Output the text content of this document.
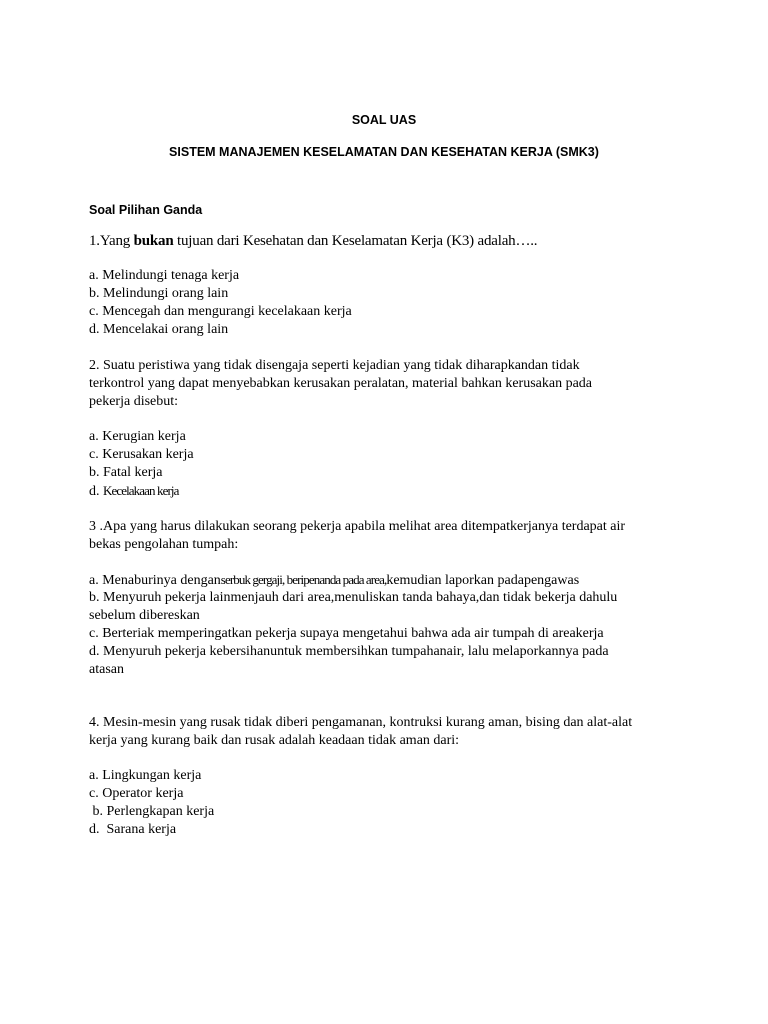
SOAL UAS
SISTEM MANAJEMEN KESELAMATAN DAN KESEHATAN KERJA (SMK3)
Soal Pilihan Ganda
1.Yang bukan tujuan dari Kesehatan dan Keselamatan Kerja (K3) adalah…..
a. Melindungi tenaga kerja
b. Melindungi orang lain
c. Mencegah dan mengurangi kecelakaan kerja
d. Mencelakai orang lain
2. Suatu peristiwa yang tidak disengaja seperti kejadian yang tidak diharapkandan tidak
terkontrol yang dapat menyebabkan kerusakan peralatan, material bahkan kerusakan pada
pekerja disebut:
a. Kerugian kerja
c. Kerusakan kerja
b. Fatal kerja
d. Kecelakaan kerja
3 .Apa yang harus dilakukan seorang pekerja apabila melihat area ditempatkerjanya terdapat air
bekas pengolahan tumpah:
a. Menaburinya denganserbuk gergaji, beripenanda pada area,kemudian laporkan padapengawas
b. Menyuruh pekerja lainmenjauh dari area,menuliskan tanda bahaya,dan tidak bekerja dahulu
sebelum dibereskan
c. Berteriak memperingatkan pekerja supaya mengetahui bahwa ada air tumpah di areakerja
d. Menyuruh pekerja kebersihanuntuk membersihkan tumpahanair, lalu melaporkannya pada
atasan
4. Mesin-mesin yang rusak tidak diberi pengamanan, kontruksi kurang aman, bising dan alat-alat
kerja yang kurang baik dan rusak adalah keadaan tidak aman dari:
a. Lingkungan kerja
c. Operator kerja
b. Perlengkapan kerja
d.  Sarana kerja
